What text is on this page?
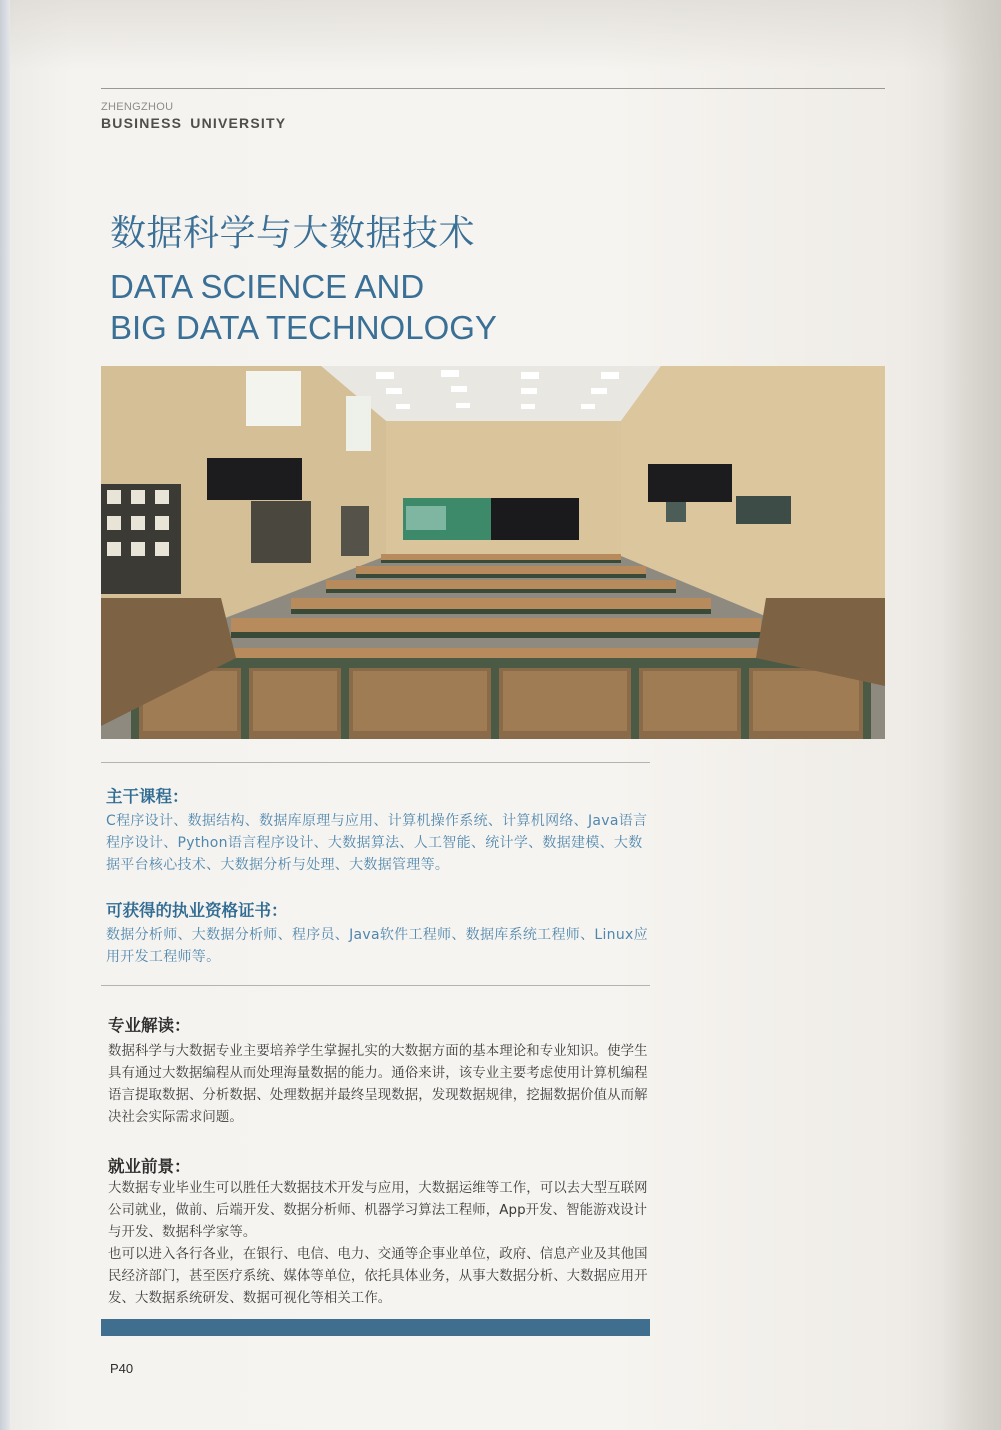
ZHENGZHOU
BUSINESS UNIVERSITY
数据科学与大数据技术
DATA SCIENCE AND
BIG DATA TECHNOLOGY
主干课程：
C程序设计、数据结构、数据库原理与应用、计算机操作系统、计算机网络、Java语言程序设计、Python语言程序设计、大数据算法、人工智能、统计学、数据建模、大数据平台核心技术、大数据分析与处理、大数据管理等。
可获得的执业资格证书：
数据分析师、大数据分析师、程序员、Java软件工程师、数据库系统工程师、Linux应用开发工程师等。
专业解读：

数据科学与大数据专业主要培养学生掌握扎实的大数据方面的基本理论和专业知识。使学生具有通过大数据编程从而处理海量数据的能力。通俗来讲，该专业主要考虑使用计算机编程语言提取数据、分析数据、处理数据并最终呈现数据，发现数据规律，挖掘数据价值从而解决社会实际需求问题。

就业前景：

大数据专业毕业生可以胜任大数据技术开发与应用，大数据运维等工作，可以去大型互联网公司就业，做前、后端开发、数据分析师、机器学习算法工程师，App开发、智能游戏设计与开发、数据科学家等。

也可以进入各行各业，在银行、电信、电力、交通等企事业单位，政府、信息产业及其他国民经济部门，甚至医疗系统、媒体等单位，依托具体业务，从事大数据分析、大数据应用开发、大数据系统研发、数据可视化等相关工作。

P40
